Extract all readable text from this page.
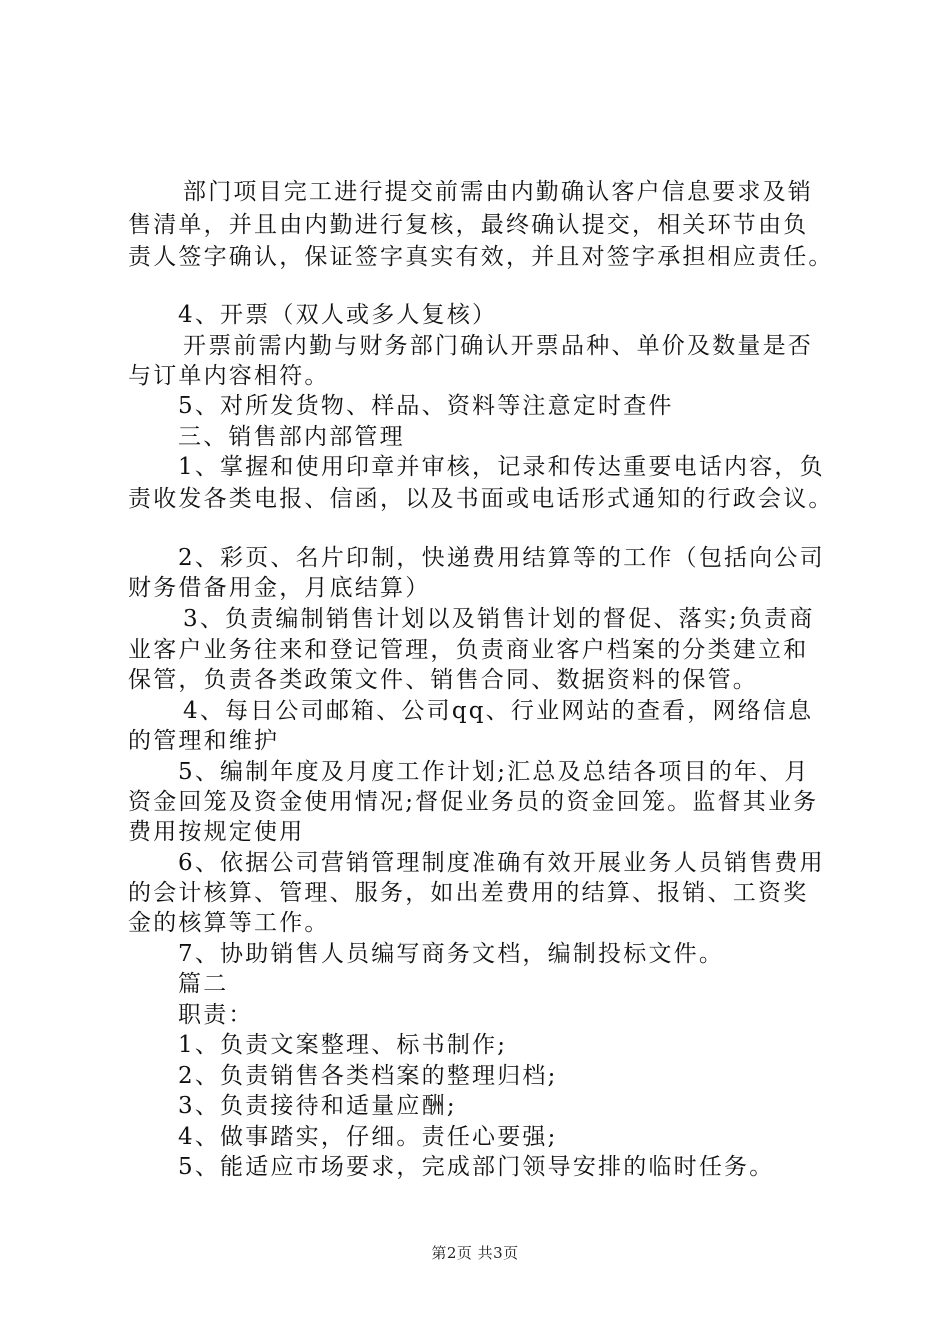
部门项目完工进行提交前需由内勤确认客户信息要求及销
售清单，并且由内勤进行复核，最终确认提交，相关环节由负
责人签字确认，保证签字真实有效，并且对签字承担相应责任。
4、开票（双人或多人复核）
开票前需内勤与财务部门确认开票品种、单价及数量是否
与订单内容相符。
5、对所发货物、样品、资料等注意定时查件
三、销售部内部管理
1、掌握和使用印章并审核，记录和传达重要电话内容，负
责收发各类电报、信函，以及书面或电话形式通知的行政会议。
2、彩页、名片印制，快递费用结算等的工作（包括向公司
财务借备用金，月底结算）
3、负责编制销售计划以及销售计划的督促、落实;负责商
业客户业务往来和登记管理，负责商业客户档案的分类建立和
保管，负责各类政策文件、销售合同、数据资料的保管。
4、每日公司邮箱、公司qq、行业网站的查看，网络信息
的管理和维护
5、编制年度及月度工作计划;汇总及总结各项目的年、月
资金回笼及资金使用情况;督促业务员的资金回笼。监督其业务
费用按规定使用
6、依据公司营销管理制度准确有效开展业务人员销售费用
的会计核算、管理、服务，如出差费用的结算、报销、工资奖
金的核算等工作。
7、协助销售人员编写商务文档，编制投标文件。
篇二
职责：
1、负责文案整理、标书制作;
2、负责销售各类档案的整理归档;
3、负责接待和适量应酬;
4、做事踏实，仔细。责任心要强;
5、能适应市场要求，完成部门领导安排的临时任务。
第2页 共3页
